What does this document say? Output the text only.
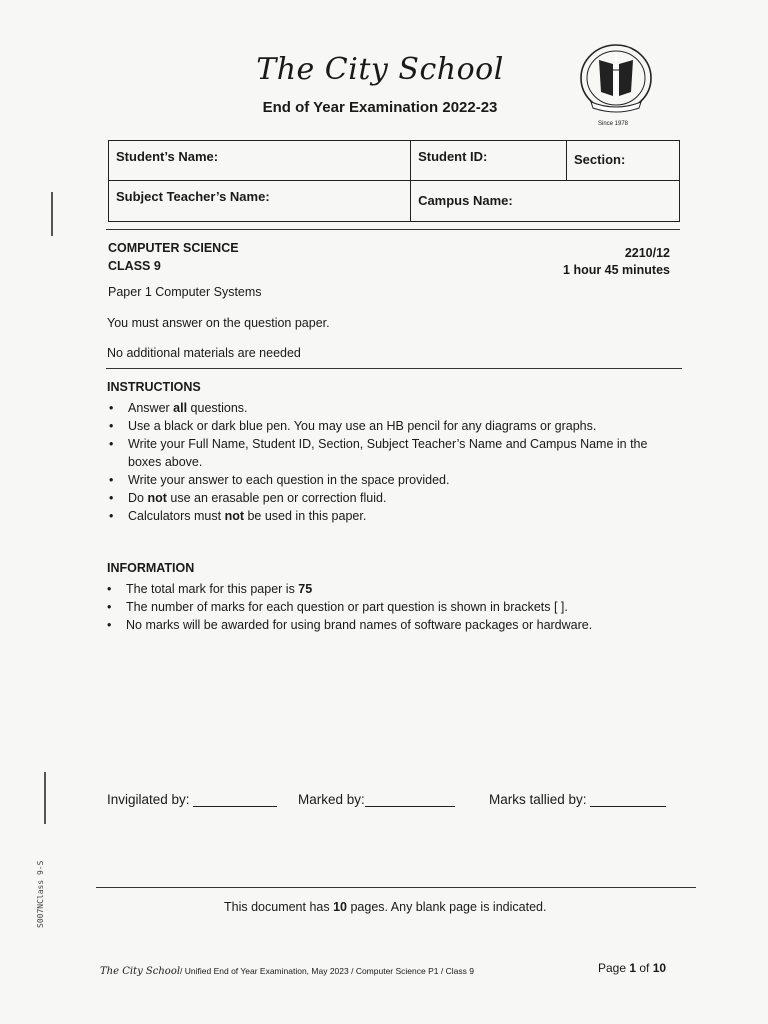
The City School
End of Year Examination 2022-23
Since 1978
Student’s Name:	Student ID:	Section:
Subject Teacher’s Name:	Campus Name:	
COMPUTER SCIENCE
CLASS 9
2210/12
1 hour 45 minutes
Paper 1 Computer Systems
You must answer on the question paper.
No additional materials are needed
INSTRUCTIONS
• Answer all questions.
• Use a black or dark blue pen. You may use an HB pencil for any diagrams or graphs.
• Write your Full Name, Student ID, Section, Subject Teacher’s Name and Campus Name in the boxes above.
• Write your answer to each question in the space provided.
• Do not use an erasable pen or correction fluid.
• Calculators must not be used in this paper.
INFORMATION
• The total mark for this paper is 75
• The number of marks for each question or part question is shown in brackets [ ].
• No marks will be awarded for using brand names of software packages or hardware.
Invigilated by:	Marked by:	Marks tallied by:
This document has 10 pages. Any blank page is indicated.
S007NClass 9-S
The City School/ Unified End of Year Examination, May 2023 / Computer Science P1 / Class 9	Page 1 of 10
